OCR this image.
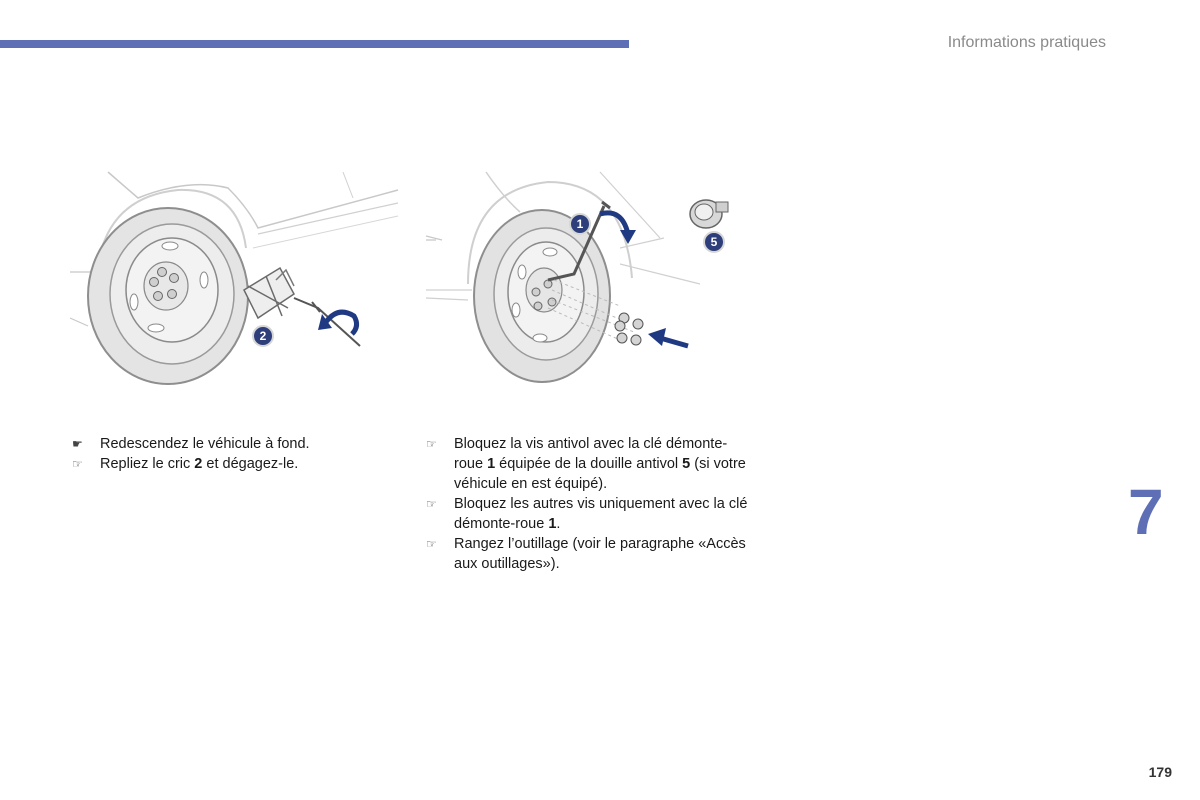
Informations pratiques
2
1
5
☛ Redescendez le véhicule à fond.
☞ Repliez le cric 2 et dégagez-le.
☞ Bloquez la vis antivol avec la clé démonte-roue 1 équipée de la douille antivol 5 (si votre véhicule en est équipé).
☞ Bloquez les autres vis uniquement avec la clé démonte-roue 1.
☞ Rangez l’outillage (voir le paragraphe «Accès aux outillages»).
7
179
